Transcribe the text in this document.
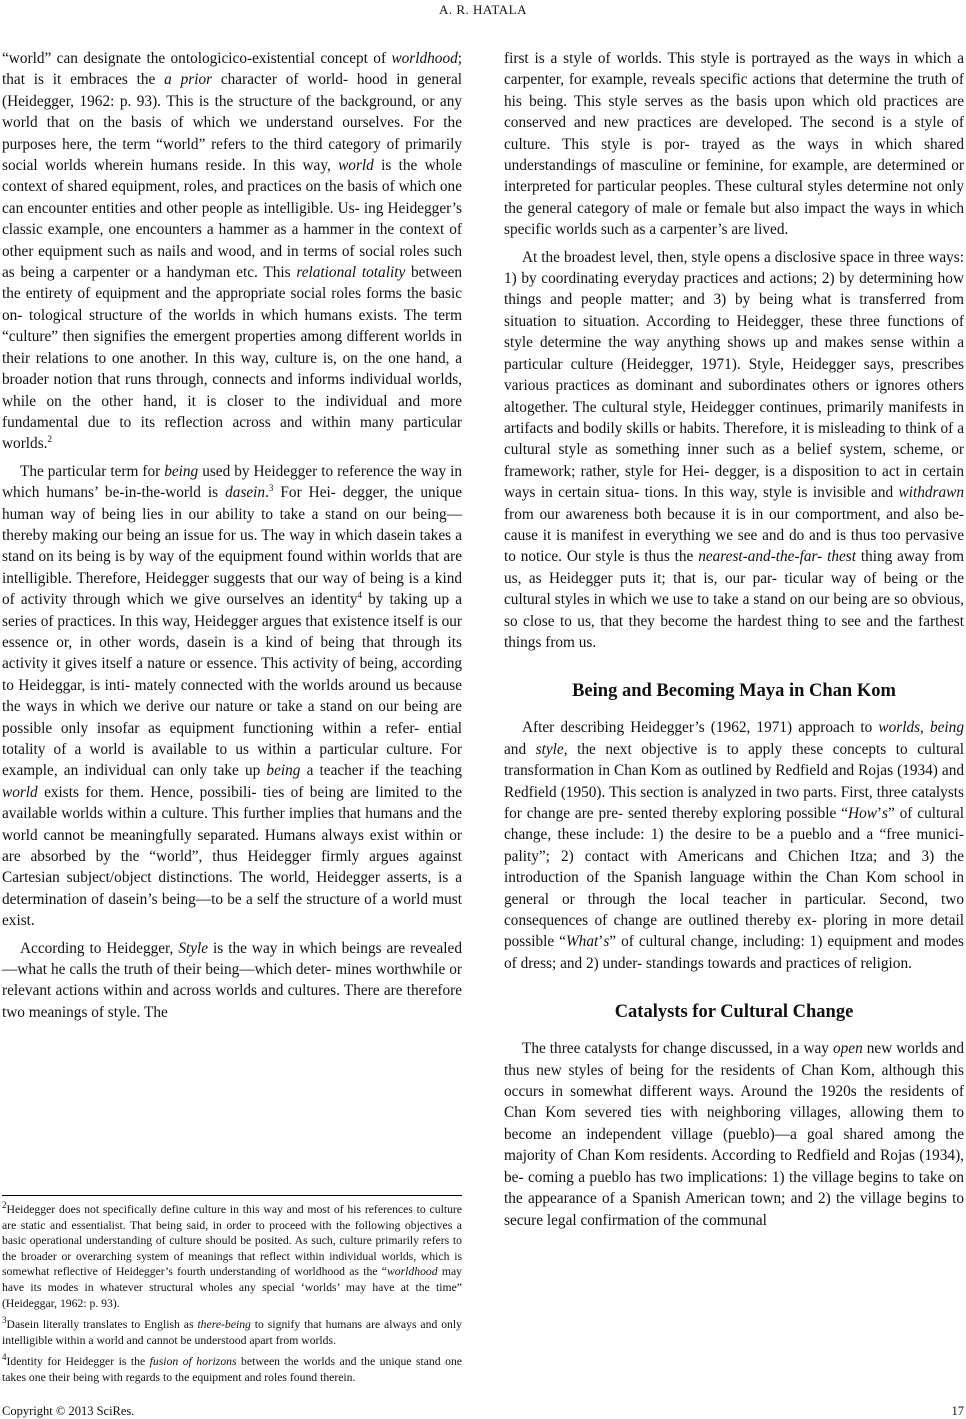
A. R. HATALA

“world” can designate the ontologicico-existential concept of worldhood; that is it embraces the a prior character of world- hood in general (Heidegger, 1962: p. 93). This is the structure of the background, or any world that on the basis of which we understand ourselves. For the purposes here, the term “world” refers to the third category of primarily social worlds wherein humans reside. In this way, world is the whole context of shared equipment, roles, and practices on the basis of which one can encounter entities and other people as intelligible. Us- ing Heidegger’s classic example, one encounters a hammer as a hammer in the context of other equipment such as nails and wood, and in terms of social roles such as being a carpenter or a handyman etc. This relational totality between the entirety of equipment and the appropriate social roles forms the basic on- tological structure of the worlds in which humans exists. The term “culture” then signifies the emergent properties among different worlds in their relations to one another. In this way, culture is, on the one hand, a broader notion that runs through, connects and informs individual worlds, while on the other hand, it is closer to the individual and more fundamental due to its reflection across and within many particular worlds.$^2$

The particular term for being used by Heidegger to reference the way in which humans’ be-in-the-world is dasein.$^3$ For Hei- degger, the unique human way of being lies in our ability to take a stand on our being—thereby making our being an issue for us. The way in which dasein takes a stand on its being is by way of the equipment found within worlds that are intelligible. Therefore, Heidegger suggests that our way of being is a kind of activity through which we give ourselves an identity$^4$ by taking up a series of practices. In this way, Heidegger argues that existence itself is our essence or, in other words, dasein is a kind of being that through its activity it gives itself a nature or essence. This activity of being, according to Heideggar, is inti- mately connected with the worlds around us because the ways in which we derive our nature or take a stand on our being are possible only insofar as equipment functioning within a refer- ential totality of a world is available to us within a particular culture. For example, an individual can only take up being a teacher if the teaching world exists for them. Hence, possibili- ties of being are limited to the available worlds within a culture. This further implies that humans and the world cannot be meaningfully separated. Humans always exist within or are absorbed by the “world”, thus Heidegger firmly argues against Cartesian subject/object distinctions. The world, Heidegger asserts, is a determination of dasein’s being—to be a self the structure of a world must exist.

According to Heidegger, Style is the way in which beings are revealed—what he calls the truth of their being—which deter- mines worthwhile or relevant actions within and across worlds and cultures. There are therefore two meanings of style. The

$^2$Heidegger does not specifically define culture in this way and most of his references to culture are static and essentialist. That being said, in order to proceed with the following objectives a basic operational understanding of culture should be posited. As such, culture primarily refers to the broader or overarching system of meanings that reflect within individual worlds, which is somewhat reflective of Heidegger’s fourth understanding of worldhood as the “worldhood may have its modes in whatever structural wholes any special ‘worlds’ may have at the time” (Heideggar, 1962: p. 93).

$^3$Dasein literally translates to English as there-being to signify that humans are always and only intelligible within a world and cannot be understood apart from worlds.

$^4$Identity for Heidegger is the fusion of horizons between the worlds and the unique stand one takes one their being with regards to the equipment and roles found therein.

first is a style of worlds. This style is portrayed as the ways in which a carpenter, for example, reveals specific actions that determine the truth of his being. This style serves as the basis upon which old practices are conserved and new practices are developed. The second is a style of culture. This style is por- trayed as the ways in which shared understandings of masculine or feminine, for example, are determined or interpreted for particular peoples. These cultural styles determine not only the general category of male or female but also impact the ways in which specific worlds such as a carpenter’s are lived.

At the broadest level, then, style opens a disclosive space in three ways: 1) by coordinating everyday practices and actions; 2) by determining how things and people matter; and 3) by being what is transferred from situation to situation. According to Heidegger, these three functions of style determine the way anything shows up and makes sense within a particular culture (Heidegger, 1971). Style, Heidegger says, prescribes various practices as dominant and subordinates others or ignores others altogether. The cultural style, Heidegger continues, primarily manifests in artifacts and bodily skills or habits. Therefore, it is misleading to think of a cultural style as something inner such as a belief system, scheme, or framework; rather, style for Hei- degger, is a disposition to act in certain ways in certain situa- tions. In this way, style is invisible and withdrawn from our awareness both because it is in our comportment, and also be- cause it is manifest in everything we see and do and is thus too pervasive to notice. Our style is thus the nearest-and-the-far- thest thing away from us, as Heidegger puts it; that is, our par- ticular way of being or the cultural styles in which we use to take a stand on our being are so obvious, so close to us, that they become the hardest thing to see and the farthest things from us.

Being and Becoming Maya in Chan Kom

After describing Heidegger’s (1962, 1971) approach to worlds, being and style, the next objective is to apply these concepts to cultural transformation in Chan Kom as outlined by Redfield and Rojas (1934) and Redfield (1950). This section is analyzed in two parts. First, three catalysts for change are pre- sented thereby exploring possible “How’s” of cultural change, these include: 1) the desire to be a pueblo and a “free munici- pality”; 2) contact with Americans and Chichen Itza; and 3) the introduction of the Spanish language within the Chan Kom school in general or through the local teacher in particular. Second, two consequences of change are outlined thereby ex- ploring in more detail possible “What’s” of cultural change, including: 1) equipment and modes of dress; and 2) under- standings towards and practices of religion.

Catalysts for Cultural Change

The three catalysts for change discussed, in a way open new worlds and thus new styles of being for the residents of Chan Kom, although this occurs in somewhat different ways. Around the 1920s the residents of Chan Kom severed ties with neighboring villages, allowing them to become an independent village (pueblo)—a goal shared among the majority of Chan Kom residents. According to Redfield and Rojas (1934), be- coming a pueblo has two implications: 1) the village begins to take on the appearance of a Spanish American town; and 2) the village begins to secure legal confirmation of the communal

Copyright © 2013 SciRes.	17
